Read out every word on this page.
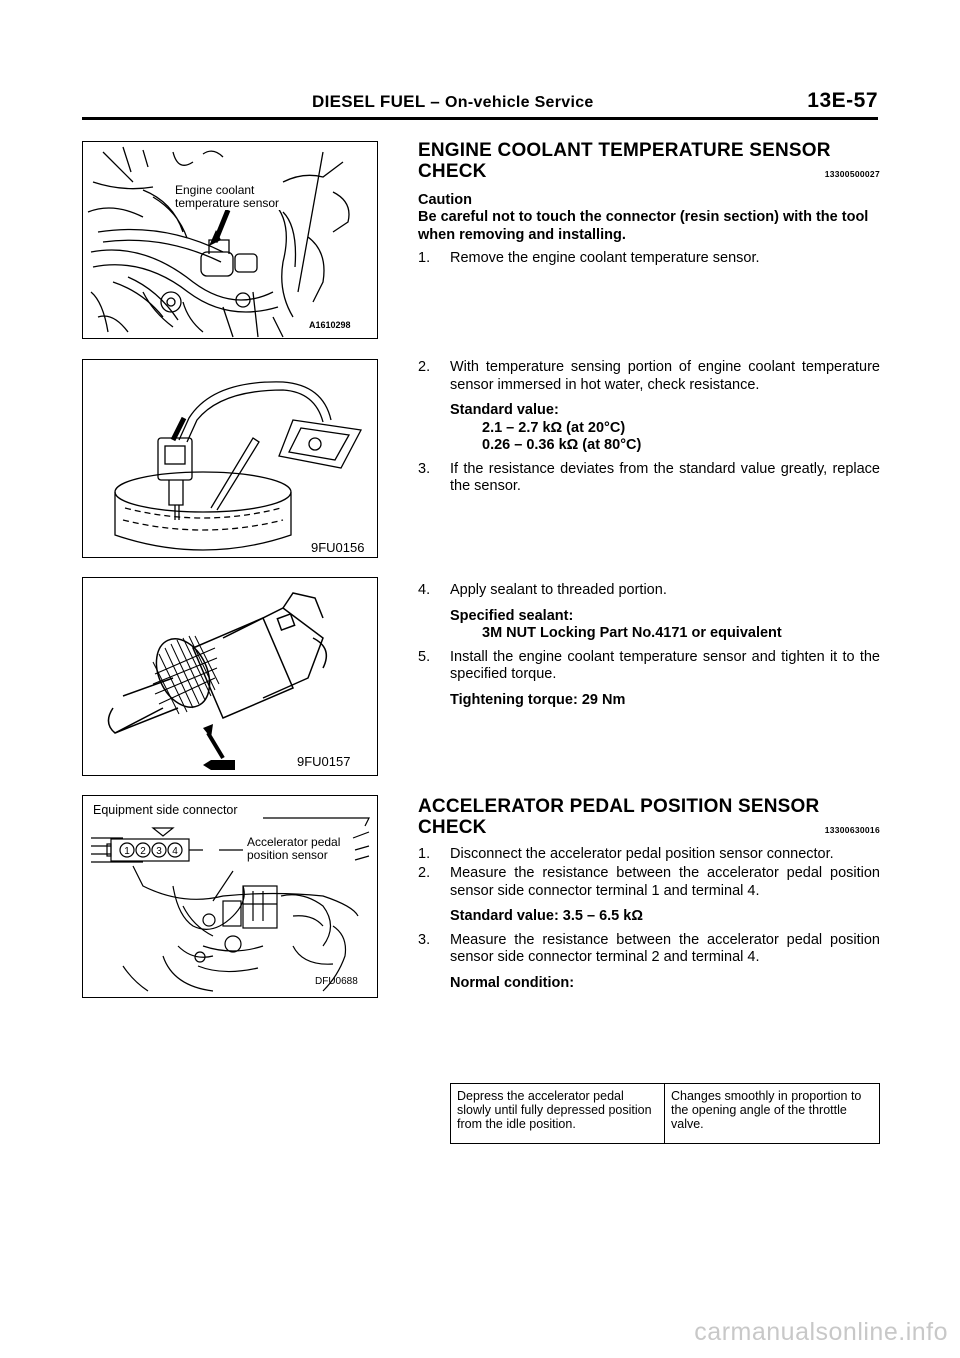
DIESEL FUEL – On-vehicle Service	13E-57
Engine coolant
temperature sensor
A1610298
9FU0156
9FU0157
1 2 3 4
Equipment side connector
Accelerator pedal
position sensor
DFU0688
ENGINE COOLANT TEMPERATURE SENSOR
CHECK	13300500027
Caution
Be careful not to touch the connector (resin section) with the tool when removing and installing.
1.	Remove the engine coolant temperature sensor.
2.	With temperature sensing portion of engine coolant temperature sensor immersed in hot water, check resistance.
Standard value:
2.1 – 2.7 kΩ (at 20°C)
0.26 – 0.36 kΩ (at 80°C)
3.	If the resistance deviates from the standard value greatly, replace the sensor.
4.	Apply sealant to threaded portion.
Specified sealant:
3M NUT Locking Part No.4171 or equivalent
5.	Install the engine coolant temperature sensor and tighten it to the specified torque.
Tightening torque: 29 Nm
ACCELERATOR PEDAL POSITION SENSOR
CHECK	13300630016
1.	Disconnect the accelerator pedal position sensor connector.
2.	Measure the resistance between the accelerator pedal position sensor side connector terminal 1 and terminal 4.
Standard value: 3.5 – 6.5 kΩ
3.	Measure the resistance between the accelerator pedal position sensor side connector terminal 2 and terminal 4.
Normal condition:
Depress the accelerator pedal slowly until fully depressed position from the idle position.	Changes smoothly in proportion to the opening angle of the throttle valve.
carmanualsonline.info
